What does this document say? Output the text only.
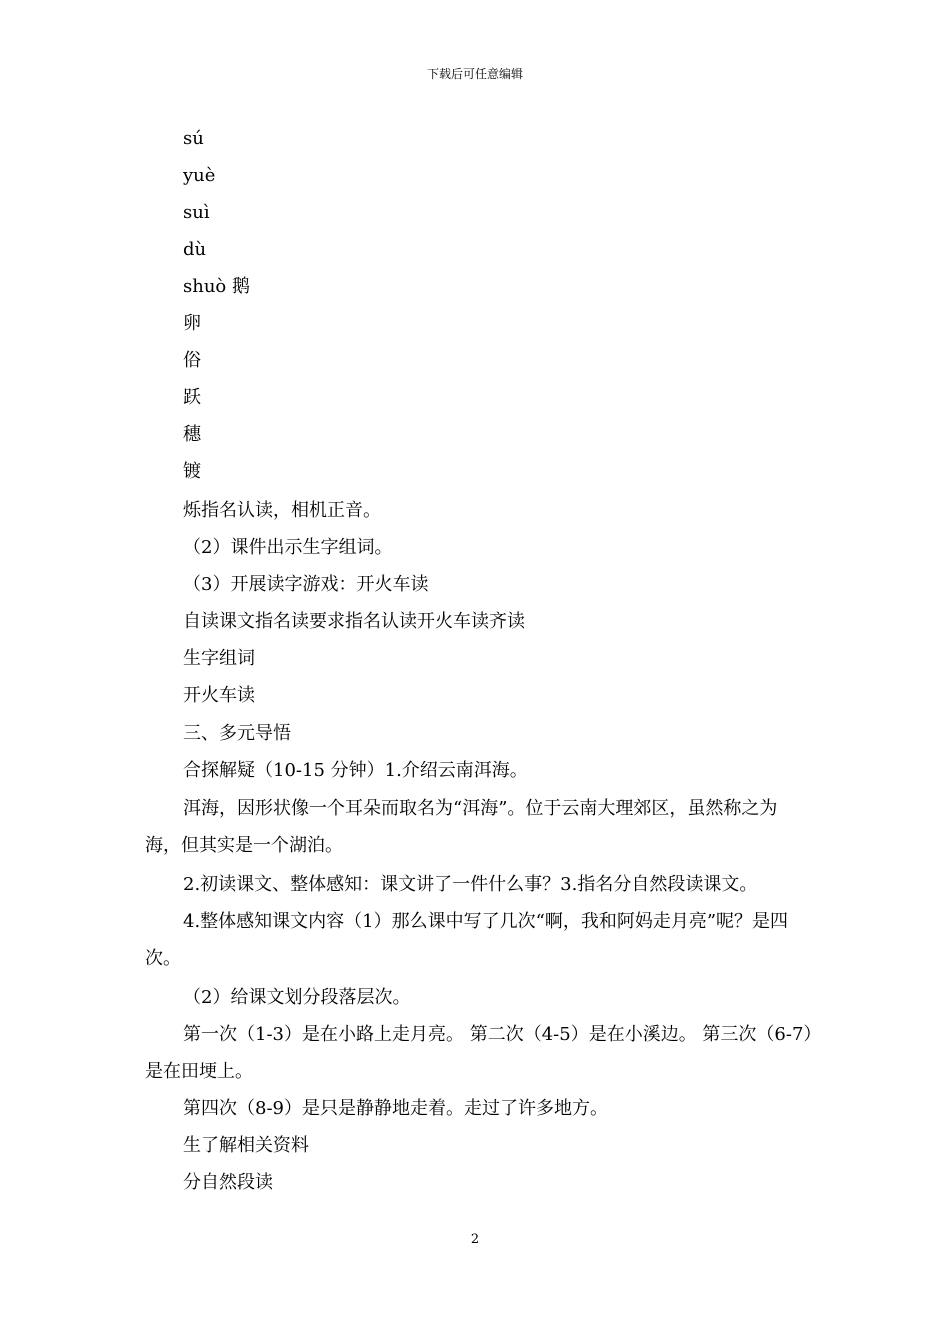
下载后可任意编辑
sú
yuè
suì
dù
shuò 鹅
卵
俗
跃
穗
镀
烁指名认读，相机正音。
（2）课件出示生字组词。
（3）开展读字游戏：开火车读
自读课文指名读要求指名认读开火车读齐读
生字组词
开火车读
三、多元导悟
合探解疑（10-15 分钟）1.介绍云南洱海。
洱海，因形状像一个耳朵而取名为“洱海”。位于云南大理郊区，虽然称之为海，但其实是一个湖泊。
2.初读课文、整体感知：课文讲了一件什么事？3.指名分自然段读课文。
4.整体感知课文内容（1）那么课中写了几次“啊，我和阿妈走月亮”呢？是四次。
（2）给课文划分段落层次。
第一次（1-3）是在小路上走月亮。 第二次（4-5）是在小溪边。 第三次（6-7）是在田埂上。
第四次（8-9）是只是静静地走着。走过了许多地方。
生了解相关资料
分自然段读
2
